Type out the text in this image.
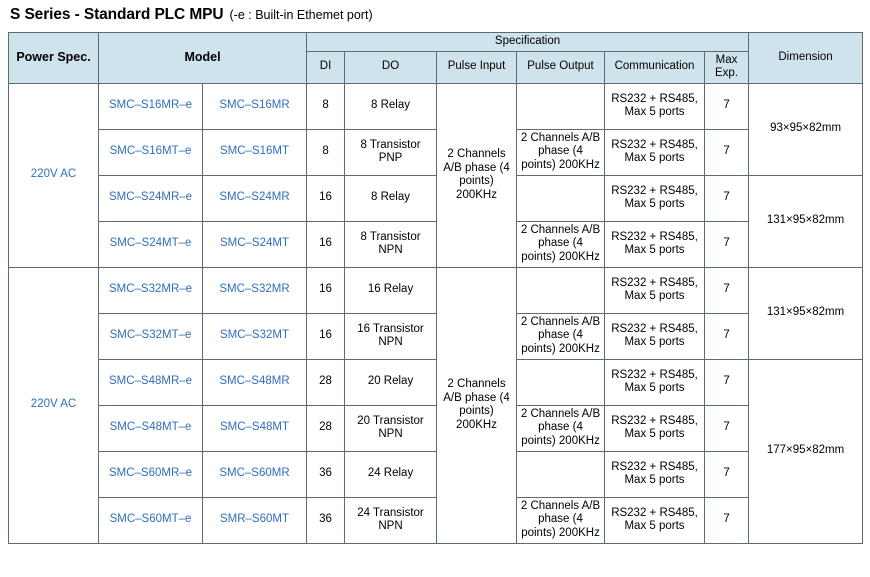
S Series - Standard PLC MPU (-e : Built-in Ethemet port)
Power Spec.	Model		Specification						Dimension
			DI	DO	Pulse Input	Pulse Output	Communication	Max Exp.	
220V AC	SMC–S16MR–e	SMC–S16MR	8	8 Relay	2 Channels A/B phase (4 points) 200KHz		RS232 + RS485, Max 5 ports	7	93×95×82mm
	SMC–S16MT–e	SMC–S16MT	8	8 Transistor PNP		2 Channels A/B phase (4 points) 200KHz	RS232 + RS485, Max 5 ports	7	
	SMC–S24MR–e	SMC–S24MR	16	8 Relay			RS232 + RS485, Max 5 ports	7	131×95×82mm
	SMC–S24MT–e	SMC–S24MT	16	8 Transistor NPN		2 Channels A/B phase (4 points) 200KHz	RS232 + RS485, Max 5 ports	7	
220V AC	SMC–S32MR–e	SMC–S32MR	16	16 Relay	2 Channels A/B phase (4 points) 200KHz		RS232 + RS485, Max 5 ports	7	131×95×82mm
	SMC–S32MT–e	SMC–S32MT	16	16 Transistor NPN		2 Channels A/B phase (4 points) 200KHz	RS232 + RS485, Max 5 ports	7	
	SMC–S48MR–e	SMC–S48MR	28	20 Relay			RS232 + RS485, Max 5 ports	7	177×95×82mm
	SMC–S48MT–e	SMC–S48MT	28	20 Transistor NPN		2 Channels A/B phase (4 points) 200KHz	RS232 + RS485, Max 5 ports	7	
	SMC–S60MR–e	SMC–S60MR	36	24 Relay			RS232 + RS485, Max 5 ports	7	
	SMC–S60MT–e	SMR–S60MT	36	24 Transistor NPN		2 Channels A/B phase (4 points) 200KHz	RS232 + RS485, Max 5 ports	7	
